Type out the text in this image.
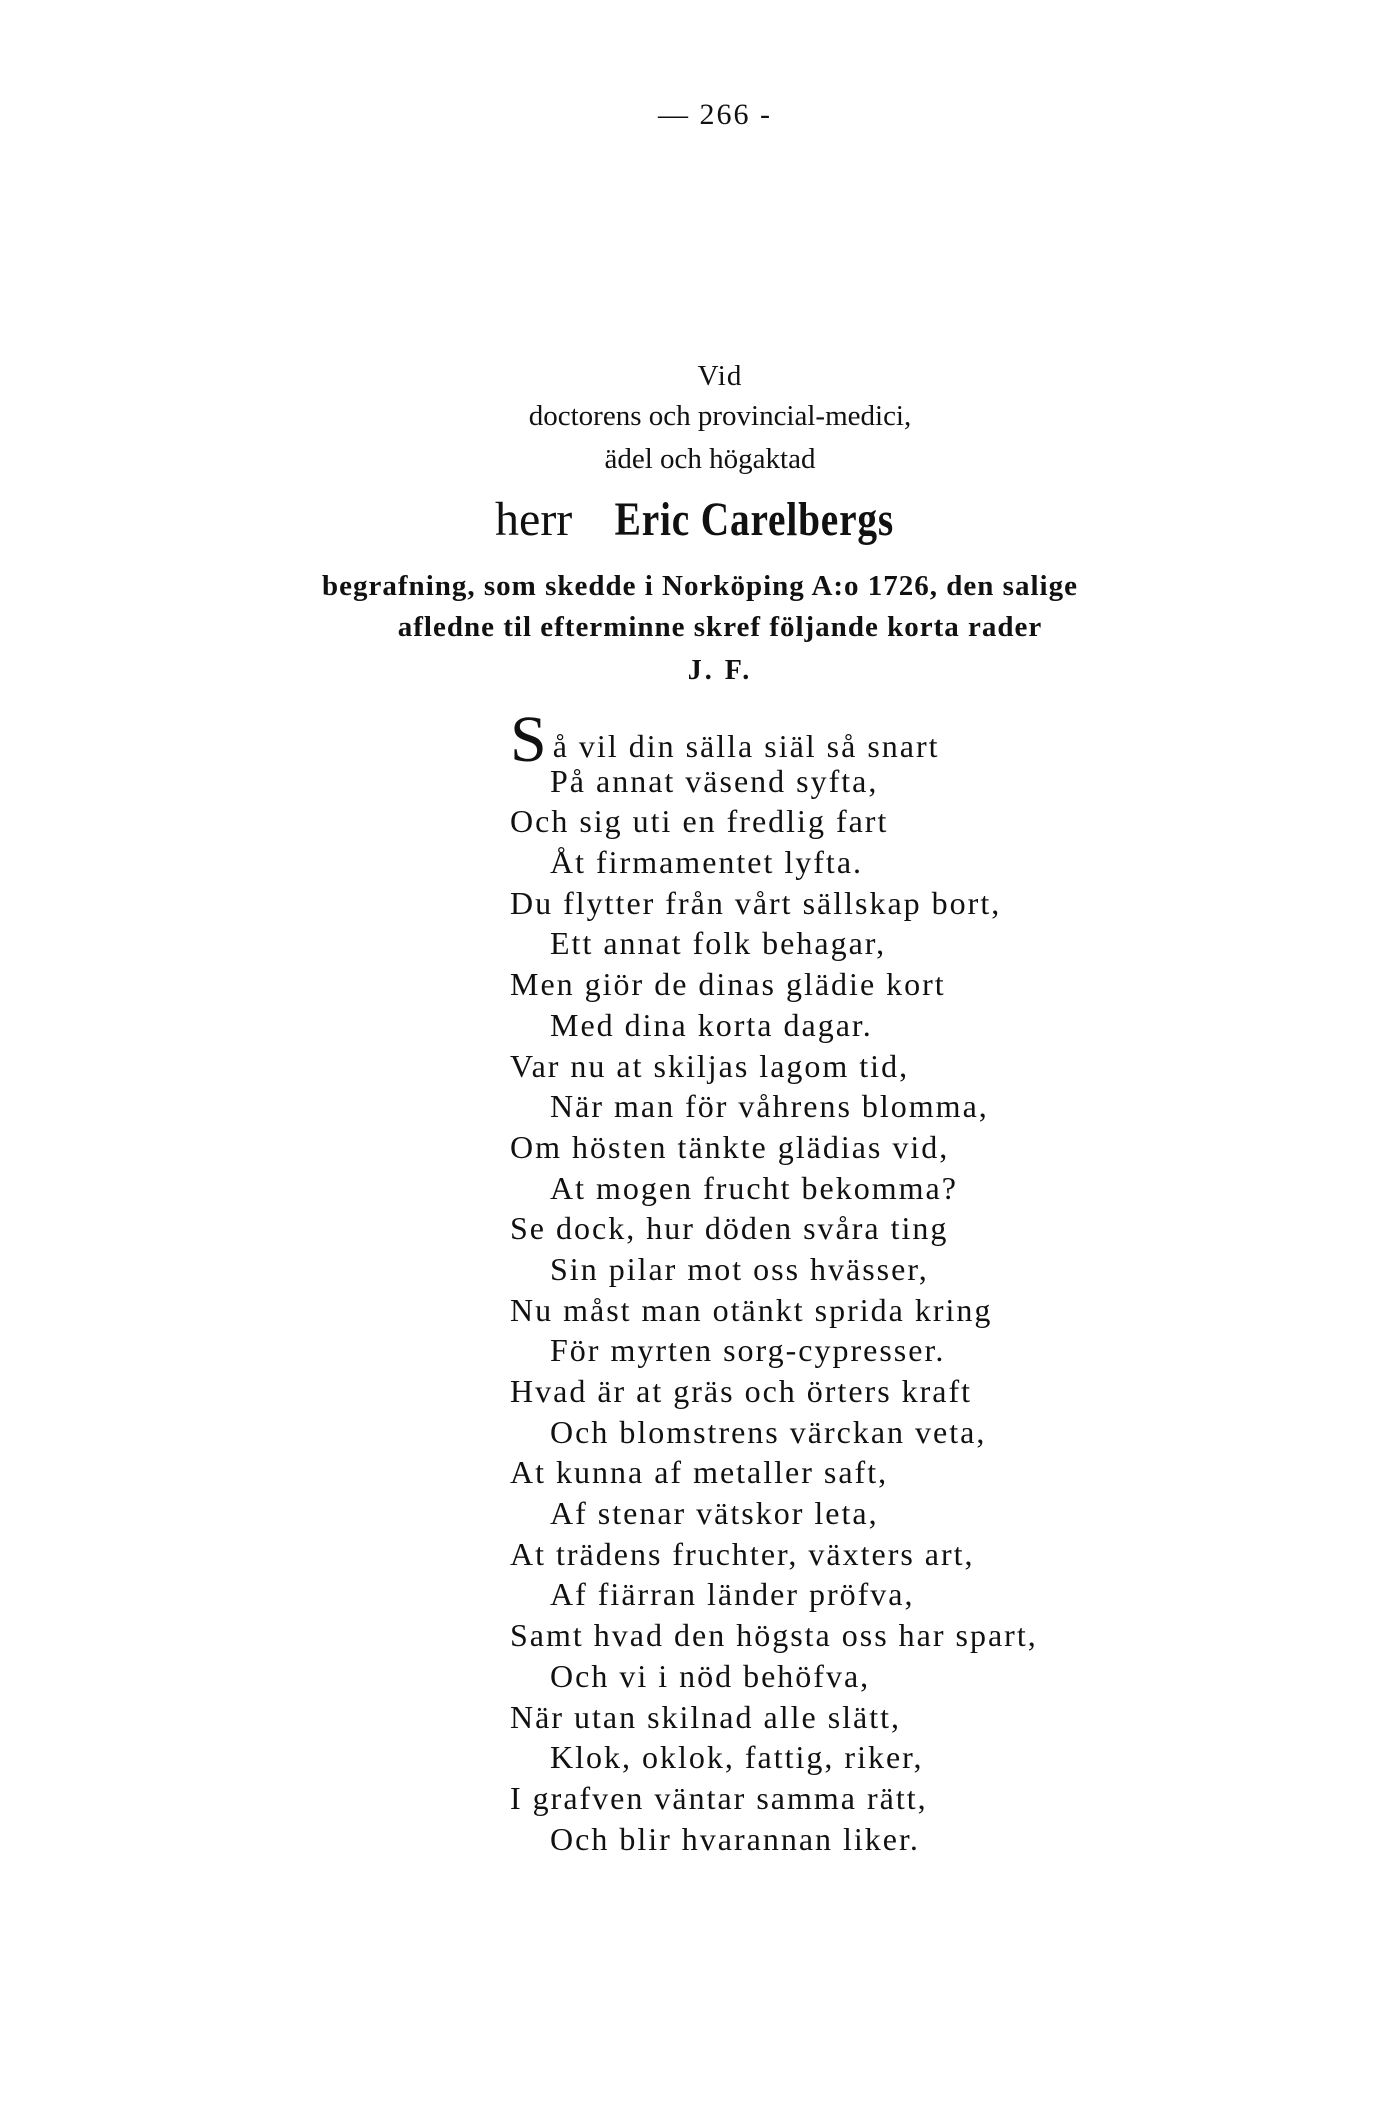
— 266 -
Vid
doctorens och provincial-medici,
ädel och högaktad
herr Eric Carelbergs
begrafning, som skedde i Norköping A:o 1726, den salige
afledne til efterminne skref följande korta rader
J. F.
Så vil din sälla siäl så snart
På annat väsend syfta,
Och sig uti en fredlig fart
Åt firmamentet lyfta.
Du flytter från vårt sällskap bort,
Ett annat folk behagar,
Men giör de dinas glädie kort
Med dina korta dagar.
Var nu at skiljas lagom tid,
När man för våhrens blomma,
Om hösten tänkte glädias vid,
At mogen frucht bekomma?
Se dock, hur döden svåra ting
Sin pilar mot oss hvässer,
Nu måst man otänkt sprida kring
För myrten sorg-cypresser.
Hvad är at gräs och örters kraft
Och blomstrens värckan veta,
At kunna af metaller saft,
Af stenar vätskor leta,
At trädens fruchter, växters art,
Af fiärran länder pröfva,
Samt hvad den högsta oss har spart,
Och vi i nöd behöfva,
När utan skilnad alle slätt,
Klok, oklok, fattig, riker,
I grafven väntar samma rätt,
Och blir hvarannan liker.
